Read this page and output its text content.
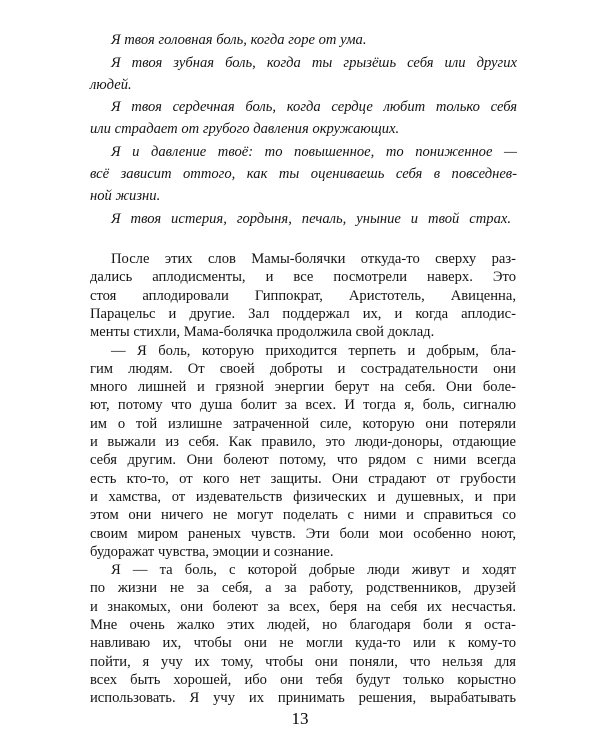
Я твоя головная боль, когда горе от ума.
Я твоя зубная боль, когда ты грызёшь себя или других
людей.
Я твоя сердечная боль, когда сердце любит только себя
или страдает от грубого давления окружающих.
Я и давление твоё: то повышенное, то пониженное —
всё зависит оттого, как ты оцениваешь себя в повседнев-
ной жизни.
Я твоя истерия, гордыня, печаль, уныние и твой страх.
После этих слов Мамы-болячки откуда-то сверху раз-
дались аплодисменты, и все посмотрели наверх. Это
стоя аплодировали Гиппократ, Аристотель, Авиценна,
Парацельс и другие. Зал поддержал их, и когда аплодис-
менты стихли, Мама-болячка продолжила свой доклад.
— Я боль, которую приходится терпеть и добрым, бла-
гим людям. От своей доброты и сострадательности они
много лишней и грязной энергии берут на себя. Они боле-
ют, потому что душа болит за всех. И тогда я, боль, сигналю
им о той излишне затраченной силе, которую они потеряли
и выжали из себя. Как правило, это люди-доноры, отдающие
себя другим. Они болеют потому, что рядом с ними всегда
есть кто-то, от кого нет защиты. Они страдают от грубости
и хамства, от издевательств физических и душевных, и при
этом они ничего не могут поделать с ними и справиться со
своим миром раненых чувств. Эти боли мои особенно ноют,
будоражат чувства, эмоции и сознание.
Я — та боль, с которой добрые люди живут и ходят
по жизни не за себя, а за работу, родственников, друзей
и знакомых, они болеют за всех, беря на себя их несчастья.
Мне очень жалко этих людей, но благодаря боли я оста-
навливаю их, чтобы они не могли куда-то или к кому-то
пойти, я учу их тому, чтобы они поняли, что нельзя для
всех быть хорошей, ибо они тебя будут только корыстно
использовать. Я учу их принимать решения, вырабатывать
13
